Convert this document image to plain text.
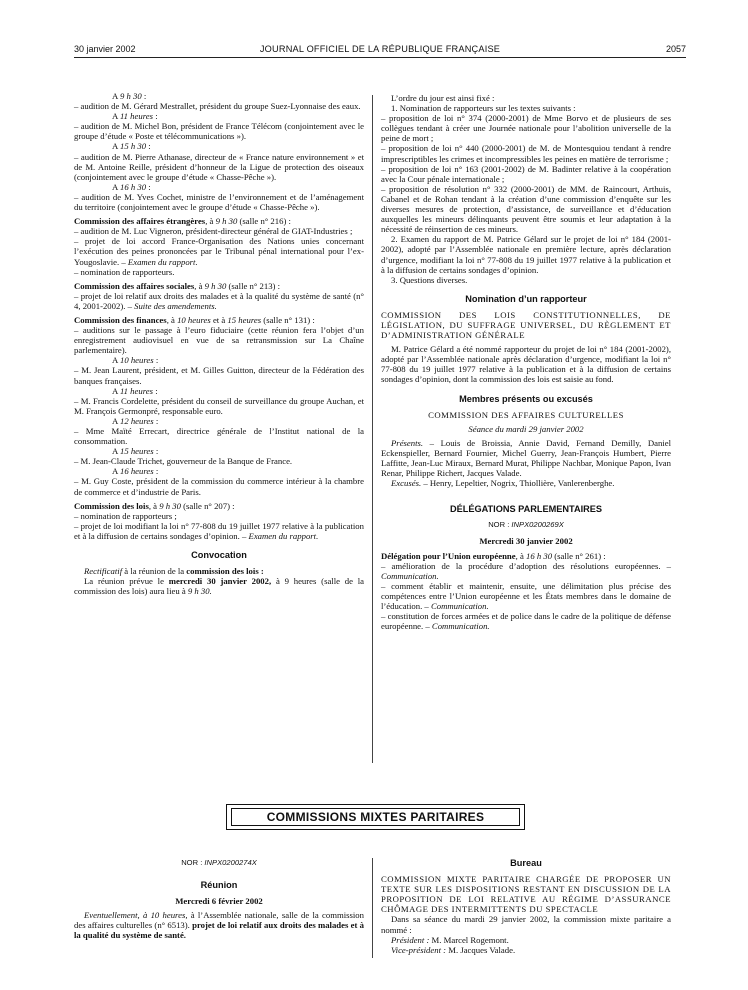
30 janvier 2002	JOURNAL OFFICIEL DE LA RÉPUBLIQUE FRANÇAISE	2057

A 9 h 30 :

– audition de M. Gérard Mestrallet, président du groupe Suez-Lyonnaise des eaux.

A 11 heures :

– audition de M. Michel Bon, président de France Télécom (conjointement avec le groupe d’étude « Poste et télécommunications »).

A 15 h 30 :

– audition de M. Pierre Athanase, directeur de « France nature environnement » et de M. Antoine Reille, président d’honneur de la Ligue de protection des oiseaux (conjointement avec le groupe d’étude « Chasse-Pêche »).

A 16 h 30 :

– audition de M. Yves Cochet, ministre de l’environnement et de l’aménagement du territoire (conjointement avec le groupe d’étude « Chasse-Pêche »).

Commission des affaires étrangères, à 9 h 30 (salle n° 216) :

– audition de M. Luc Vigneron, président-directeur général de GIAT-Industries ;
– projet de loi accord France-Organisation des Nations unies concernant l’exécution des peines prononcées par le Tribunal pénal international pour l’ex-Yougoslavie. – Examen du rapport.
– nomination de rapporteurs.

Commission des affaires sociales, à 9 h 30 (salle n° 213) :

– projet de loi relatif aux droits des malades et à la qualité du système de santé (n° 4, 2001-2002). – Suite des amendements.

Commission des finances, à 10 heures et à 15 heures (salle n° 131) :

– auditions sur le passage à l’euro fiduciaire (cette réunion fera l’objet d’un enregistrement audiovisuel en vue de sa retransmission sur La Chaîne parlementaire).

A 10 heures :

– M. Jean Laurent, président, et M. Gilles Guitton, directeur de la Fédération des banques françaises.

A 11 heures :

– M. Francis Cordelette, président du conseil de surveillance du groupe Auchan, et M. François Germonpré, responsable euro.

A 12 heures :

– Mme Maïté Errecart, directrice générale de l’Institut national de la consommation.

A 15 heures :

– M. Jean-Claude Trichet, gouverneur de la Banque de France.

A 16 heures :

– M. Guy Coste, président de la commission du commerce intérieur à la chambre de commerce et d’industrie de Paris.

Commission des lois, à 9 h 30 (salle n° 207) :

– nomination de rapporteurs ;
– projet de loi modifiant la loi n° 77-808 du 19 juillet 1977 relative à la publication et à la diffusion de certains sondages d’opinion. – Examen du rapport.
Convocation

Rectificatif à la réunion de la commission des lois :

La réunion prévue le mercredi 30 janvier 2002, à 9 heures (salle de la commission des lois) aura lieu à 9 h 30.

L’ordre du jour est ainsi fixé :

1. Nomination de rapporteurs sur les textes suivants :

– proposition de loi n° 374 (2000-2001) de Mme Borvo et de plusieurs de ses collègues tendant à créer une Journée nationale pour l’abolition universelle de la peine de mort ;
– proposition de loi n° 440 (2000-2001) de M. de Montesquiou tendant à rendre imprescriptibles les crimes et incompressibles les peines en matière de terrorisme ;
– proposition de loi n° 163 (2001-2002) de M. Badinter relative à la coopération avec la Cour pénale internationale ;
– proposition de résolution n° 332 (2000-2001) de MM. de Raincourt, Arthuis, Cabanel et de Rohan tendant à la création d’une commission d’enquête sur les diverses mesures de protection, d’assistance, de surveillance et d’éducation auxquelles les mineurs délinquants peuvent être soumis et leur adaptation à la nécessité de réinsertion de ces mineurs.

2. Examen du rapport de M. Patrice Gélard sur le projet de loi n° 184 (2001-2002), adopté par l’Assemblée nationale en première lecture, après déclaration d’urgence, modifiant la loi n° 77-808 du 19 juillet 1977 relative à la publication et à la diffusion de certains sondages d’opinion.

3. Questions diverses.

Nomination d’un rapporteur

COMMISSION DES LOIS CONSTITUTIONNELLES, DE LÉGISLATION, DU SUFFRAGE UNIVERSEL, DU RÈGLEMENT ET D’ADMINISTRATION GÉNÉRALE

M. Patrice Gélard a été nommé rapporteur du projet de loi n° 184 (2001-2002), adopté par l’Assemblée nationale après déclaration d’urgence, modifiant la loi n° 77-808 du 19 juillet 1977 relative à la publication et à la diffusion de certains sondages d’opinion, dont la commission des lois est saisie au fond.

Membres présents ou excusés

COMMISSION DES AFFAIRES CULTURELLES

Séance du mardi 29 janvier 2002

Présents. – Louis de Broissia, Annie David, Fernand Demilly, Daniel Eckenspieller, Bernard Fournier, Michel Guerry, Jean-François Humbert, Pierre Laffitte, Jean-Luc Miraux, Bernard Murat, Philippe Nachbar, Monique Papon, Ivan Renar, Philippe Richert, Jacques Valade.

Excusés. – Henry, Lepeltier, Nogrix, Thiollière, Vanlerenberghe.

DÉLÉGATIONS PARLEMENTAIRES

NOR : INPX0200269X

Mercredi 30 janvier 2002

Délégation pour l’Union européenne, à 16 h 30 (salle n° 261) :

– amélioration de la procédure d’adoption des résolutions européennes. – Communication.
– comment établir et maintenir, ensuite, une délimitation plus précise des compétences entre l’Union européenne et les États membres dans le domaine de l’éducation. – Communication.
– constitution de forces armées et de police dans le cadre de la politique de défense européenne. – Communication.
COMMISSIONS MIXTES PARITAIRES

NOR : INPX0200274X

Réunion

Mercredi 6 février 2002

Eventuellement, à 10 heures, à l’Assemblée nationale, salle de la commission des affaires culturelles (n° 6513). projet de loi relatif aux droits des malades et à la qualité du système de santé.

Bureau

COMMISSION MIXTE PARITAIRE CHARGÉE DE PROPOSER UN TEXTE SUR LES DISPOSITIONS RESTANT EN DISCUSSION DE LA PROPOSITION DE LOI RELATIVE AU RÉGIME D’ASSURANCE CHÔMAGE DES INTERMITTENTS DU SPECTACLE

Dans sa séance du mardi 29 janvier 2002, la commission mixte paritaire a nommé :

Président : M. Marcel Rogemont.

Vice-président : M. Jacques Valade.
